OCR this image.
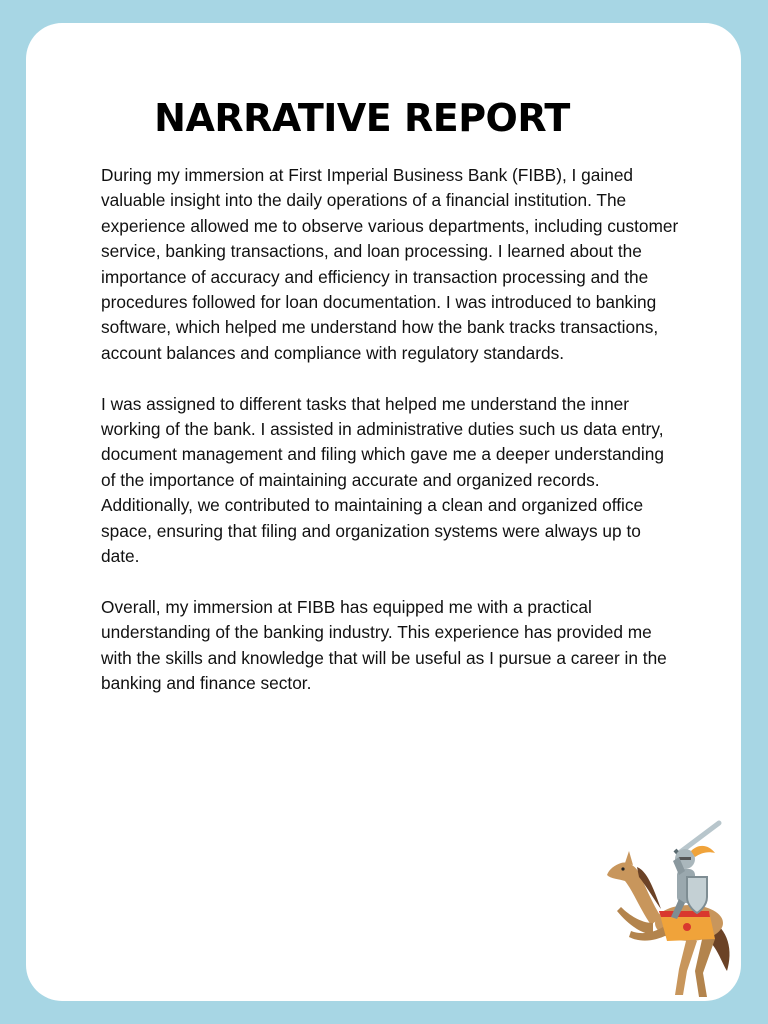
NARRATIVE REPORT

During my immersion at First Imperial Business Bank (FIBB), I gained valuable insight into the daily operations of a financial institution. The experience allowed me to observe various departments, including customer service, banking transactions, and loan processing. I learned about the importance of accuracy and efficiency in transaction processing and the procedures followed for loan documentation. I was introduced to banking software, which helped me understand how the bank tracks transactions, account balances and compliance with regulatory standards.

I was assigned to different tasks that helped me understand the inner working of the bank. I assisted in administrative duties such us data entry, document management and filing which gave me a deeper understanding of the importance of maintaining accurate and organized records. Additionally, we contributed to maintaining a clean and organized office space, ensuring that filing and organization systems were always up to date.

Overall, my immersion at FIBB has equipped me with a practical understanding of the banking industry. This experience has provided me with the skills and knowledge that will be useful as I pursue a career in the banking and finance sector.
